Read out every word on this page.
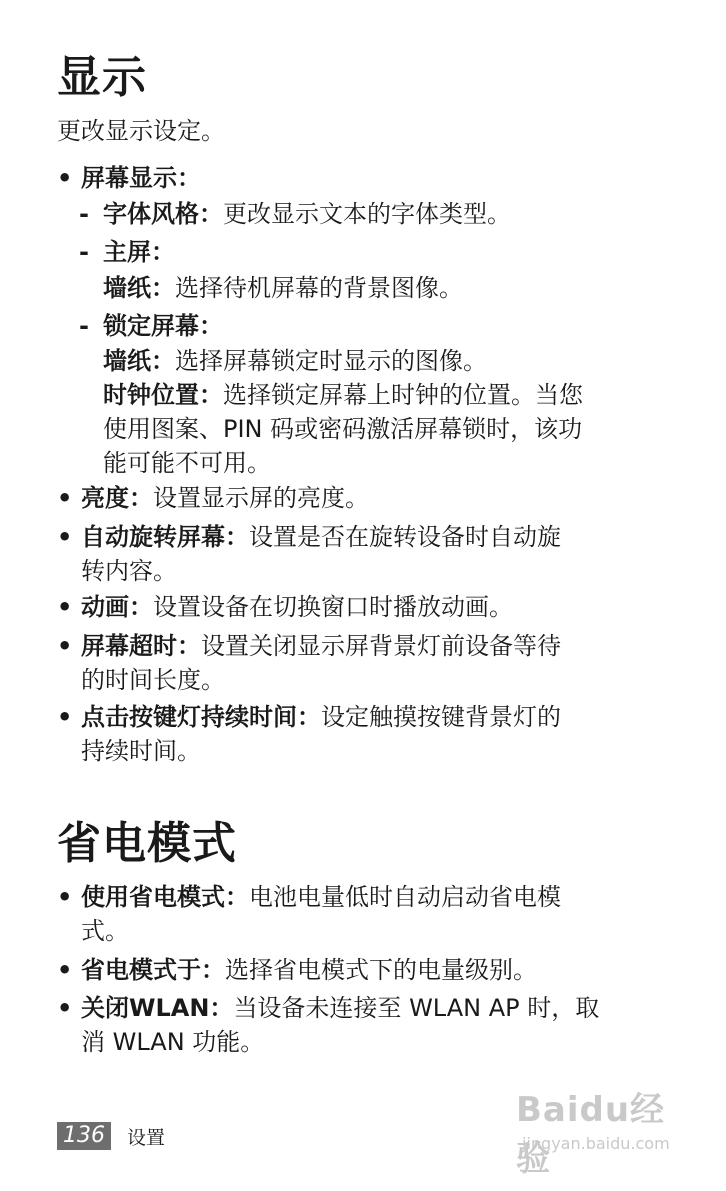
显示
更改显示设定。
• 屏幕显示：
- 字体风格：更改显示文本的字体类型。
- 主屏：
墙纸：选择待机屏幕的背景图像。
- 锁定屏幕：
墙纸：选择屏幕锁定时显示的图像。
时钟位置：选择锁定屏幕上时钟的位置。当您
使用图案、PIN 码或密码激活屏幕锁时，该功
能可能不可用。
• 亮度：设置显示屏的亮度。
• 自动旋转屏幕：设置是否在旋转设备时自动旋
转内容。
• 动画：设置设备在切换窗口时播放动画。
• 屏幕超时：设置关闭显示屏背景灯前设备等待
的时间长度。
• 点击按键灯持续时间：设定触摸按键背景灯的
持续时间。
省电模式
• 使用省电模式：电池电量低时自动启动省电模
式。
• 省电模式于：选择省电模式下的电量级别。
• 关闭WLAN：当设备未连接至 WLAN AP 时，取
消 WLAN 功能。
136	设置
Baidu经验
jingyan.baidu.com
